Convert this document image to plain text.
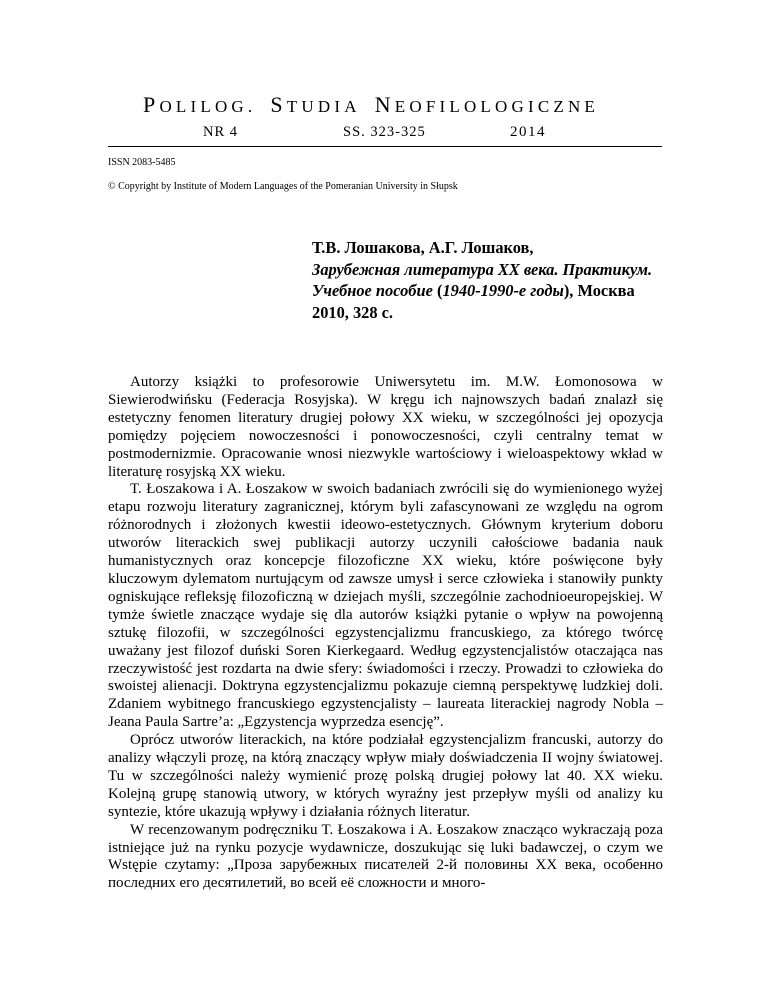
POLILOG. STUDIA NEOFILOLOGICZNE
NR 4	SS. 323-325	2014
ISSN 2083-5485
© Copyright by Institute of Modern Languages of the Pomeranian University in Słupsk
Т.В. Лошакова, А.Г. Лошаков,
Зарубежная литература XX века. Практикум. Учебное пособие (1940-1990-е годы), Москва 2010, 328 с.

Autorzy książki to profesorowie Uniwersytetu im. M.W. Łomonosowa w Siewierodwińsku (Federacja Rosyjska). W kręgu ich najnowszych badań znalazł się estetyczny fenomen literatury drugiej połowy XX wieku, w szczególności jej opozycja pomiędzy pojęciem nowoczesności i ponowoczesności, czyli centralny temat w postmodernizmie. Opracowanie wnosi niezwykle wartościowy i wieloaspektowy wkład w literaturę rosyjską XX wieku.

T. Łoszakowa i A. Łoszakow w swoich badaniach zwrócili się do wymienionego wyżej etapu rozwoju literatury zagranicznej, którym byli zafascynowani ze względu na ogrom różnorodnych i złożonych kwestii ideowo-estetycznych. Głównym kryterium doboru utworów literackich swej publikacji autorzy uczynili całościowe badania nauk humanistycznych oraz koncepcje filozoficzne XX wieku, które poświęcone były kluczowym dylematom nurtującym od zawsze umysł i serce człowieka i stanowiły punkty ogniskujące refleksję filozoficzną w dziejach myśli, szczególnie zachodnioeuropejskiej. W tymże świetle znaczące wydaje się dla autorów książki pytanie o wpływ na powojenną sztukę filozofii, w szczególności egzystencjalizmu francuskiego, za którego twórcę uważany jest filozof duński Soren Kierkegaard. Według egzystencjalistów otaczająca nas rzeczywistość jest rozdarta na dwie sfery: świadomości i rzeczy. Prowadzi to człowieka do swoistej alienacji. Doktryna egzystencjalizmu pokazuje ciemną perspektywę ludzkiej doli. Zdaniem wybitnego francuskiego egzystencjalisty – laureata literackiej nagrody Nobla – Jeana Paula Sartre’a: „Egzystencja wyprzedza esencję”.

Oprócz utworów literackich, na które podziałał egzystencjalizm francuski, autorzy do analizy włączyli prozę, na którą znaczący wpływ miały doświadczenia II wojny światowej. Tu w szczególności należy wymienić prozę polską drugiej połowy lat 40. XX wieku. Kolejną grupę stanowią utwory, w których wyraźny jest przepływ myśli od analizy ku syntezie, które ukazują wpływy i działania różnych literatur.

W recenzowanym podręczniku T. Łoszakowa i A. Łoszakow znacząco wykraczają poza istniejące już na rynku pozycje wydawnicze, doszukując się luki badawczej, o czym we Wstępie czytamy: „Проза зарубежных писателей 2-й половины XX века, особенно последних его десятилетий, во всей её сложности и много-
